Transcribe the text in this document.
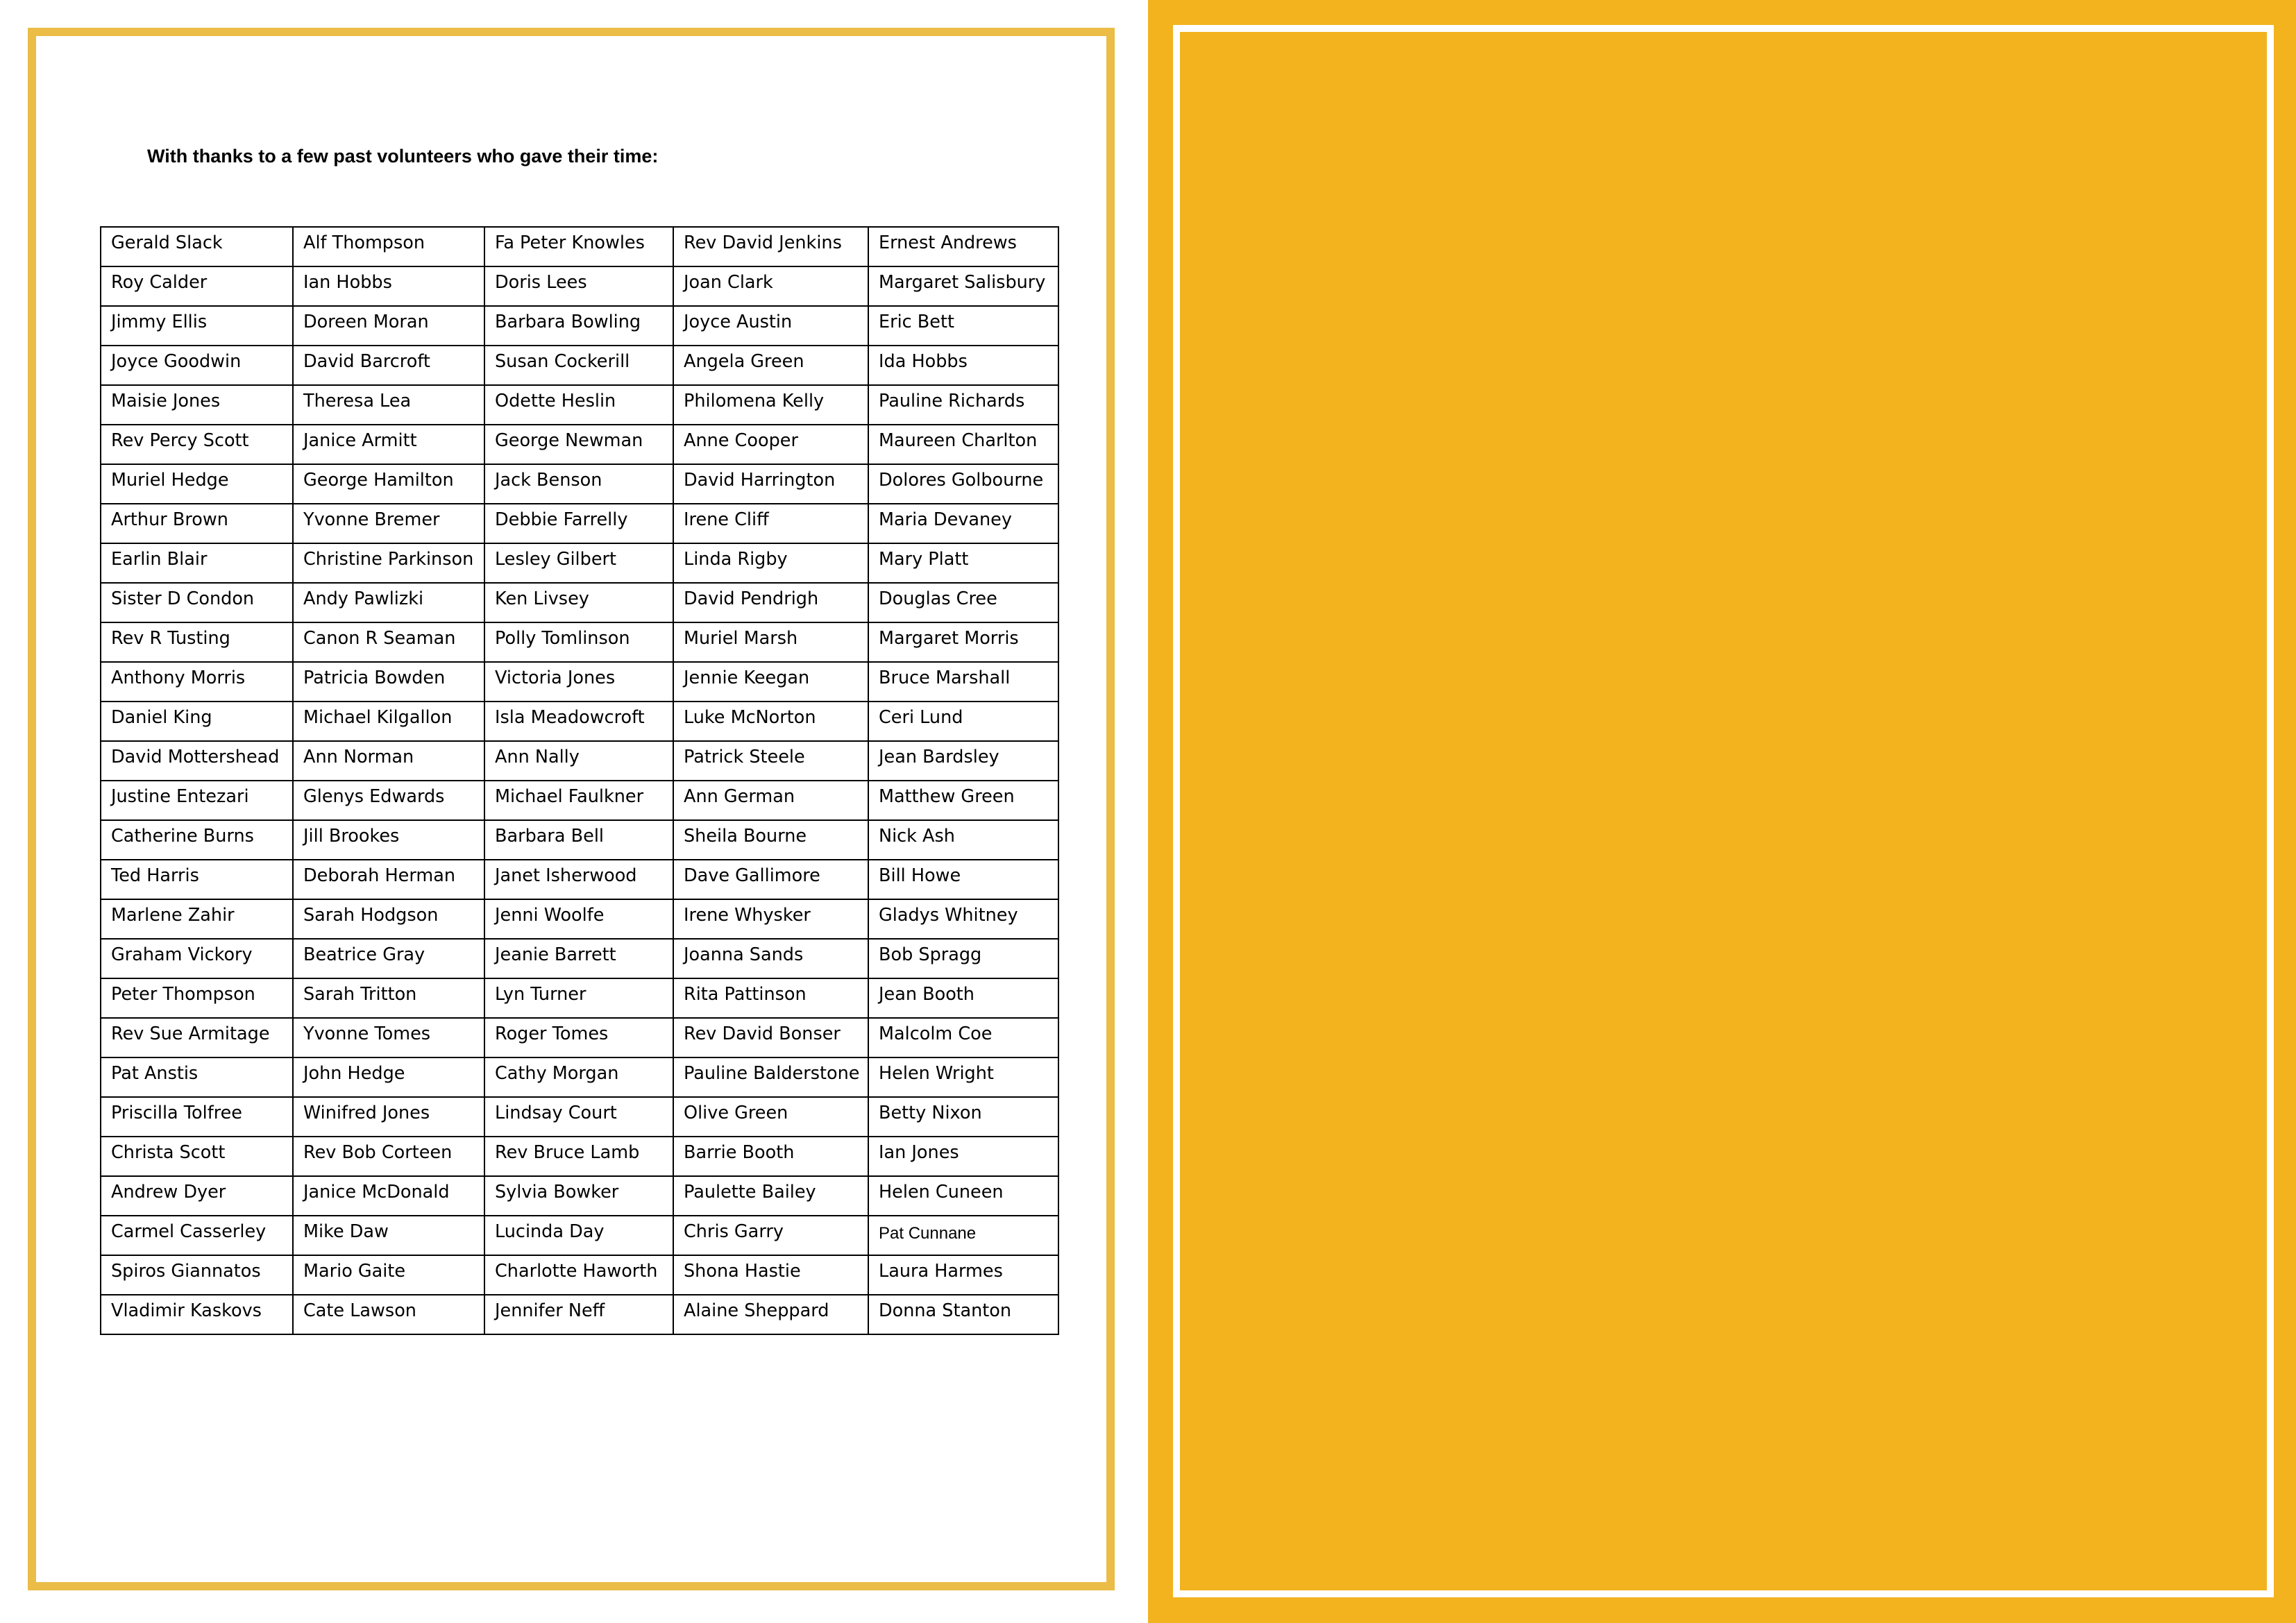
With thanks to a few past volunteers who gave their time:

Gerald Slack	Alf Thompson	Fa Peter Knowles	Rev David Jenkins	Ernest Andrews
Roy Calder	Ian Hobbs	Doris Lees	Joan Clark	Margaret Salisbury
Jimmy Ellis	Doreen Moran	Barbara Bowling	Joyce Austin	Eric Bett
Joyce Goodwin	David Barcroft	Susan Cockerill	Angela Green	Ida Hobbs
Maisie Jones	Theresa Lea	Odette Heslin	Philomena Kelly	Pauline Richards
Rev Percy Scott	Janice Armitt	George Newman	Anne Cooper	Maureen Charlton
Muriel Hedge	George Hamilton	Jack Benson	David Harrington	Dolores Golbourne
Arthur Brown	Yvonne Bremer	Debbie Farrelly	Irene Cliff	Maria Devaney
Earlin Blair	Christine Parkinson	Lesley Gilbert	Linda Rigby	Mary Platt
Sister D Condon	Andy Pawlizki	Ken Livsey	David Pendrigh	Douglas Cree
Rev R Tusting	Canon R Seaman	Polly Tomlinson	Muriel Marsh	Margaret Morris
Anthony Morris	Patricia Bowden	Victoria Jones	Jennie Keegan	Bruce Marshall
Daniel King	Michael Kilgallon	Isla Meadowcroft	Luke McNorton	Ceri Lund
David Mottershead	Ann Norman	Ann Nally	Patrick Steele	Jean Bardsley
Justine Entezari	Glenys Edwards	Michael Faulkner	Ann German	Matthew Green
Catherine Burns	Jill Brookes	Barbara Bell	Sheila Bourne	Nick Ash
Ted Harris	Deborah Herman	Janet Isherwood	Dave Gallimore	Bill Howe
Marlene Zahir	Sarah Hodgson	Jenni Woolfe	Irene Whysker	Gladys Whitney
Graham Vickory	Beatrice Gray	Jeanie Barrett	Joanna Sands	Bob Spragg
Peter Thompson	Sarah Tritton	Lyn Turner	Rita Pattinson	Jean Booth
Rev Sue Armitage	Yvonne Tomes	Roger Tomes	Rev David Bonser	Malcolm Coe
Pat Anstis	John Hedge	Cathy Morgan	Pauline Balderstone	Helen Wright
Priscilla Tolfree	Winifred Jones	Lindsay Court	Olive Green	Betty Nixon
Christa Scott	Rev Bob Corteen	Rev Bruce Lamb	Barrie Booth	Ian Jones
Andrew Dyer	Janice McDonald	Sylvia Bowker	Paulette Bailey	Helen Cuneen
Carmel Casserley	Mike Daw	Lucinda Day	Chris Garry	Pat Cunnane
Spiros Giannatos	Mario Gaite	Charlotte Haworth	Shona Hastie	Laura Harmes
Vladimir Kaskovs	Cate Lawson	Jennifer Neff	Alaine Sheppard	Donna Stanton
